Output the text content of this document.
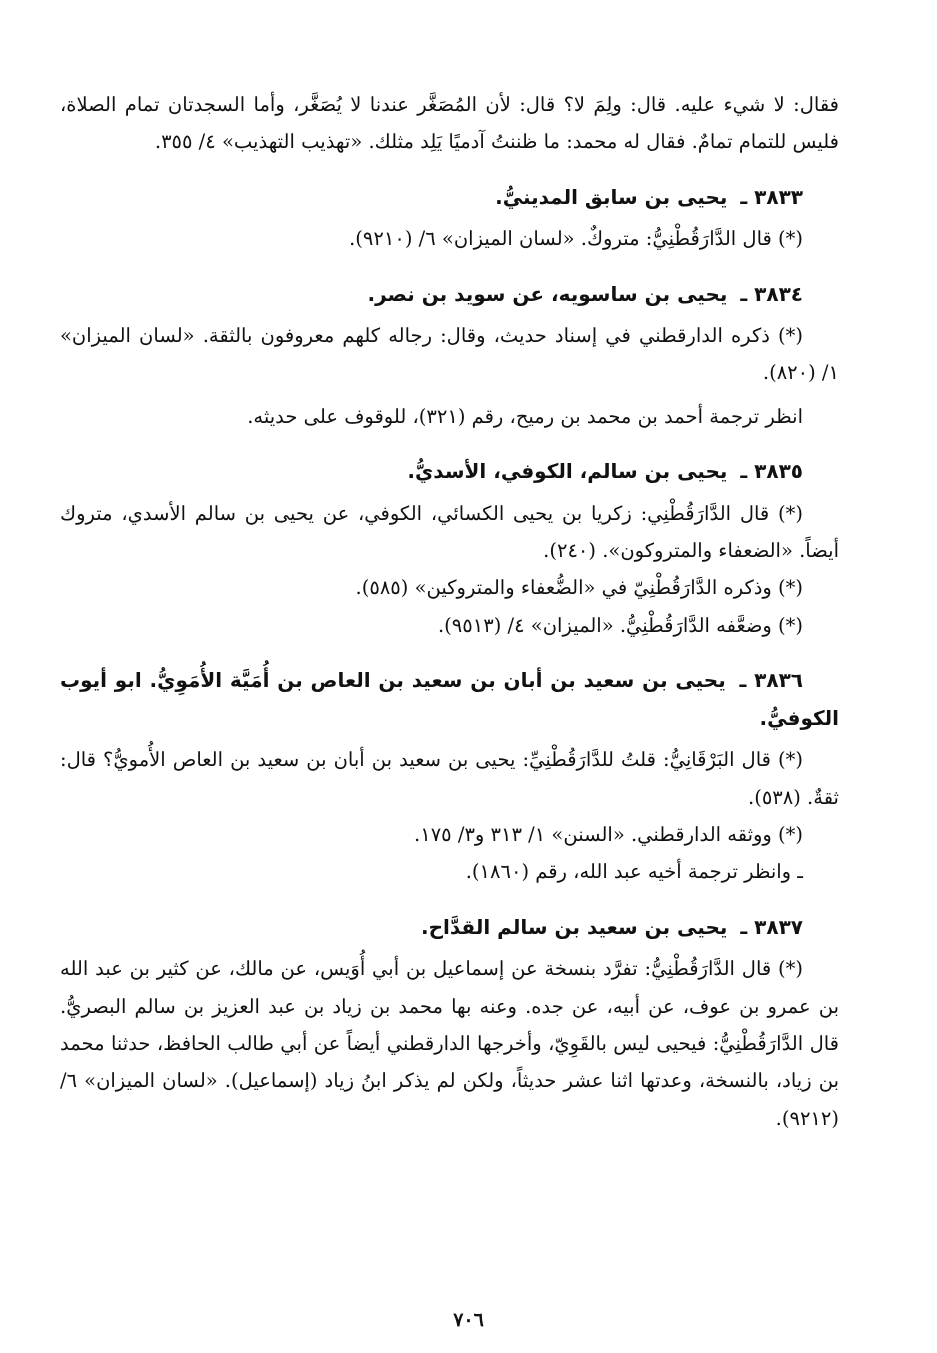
فقال: لا شيء عليه. قال: ولِمَ لا؟ قال: لأن المُصَغَّر عندنا لا يُصَغَّر، وأما السجدتان تمام الصلاة، فليس للتمام تمامٌ. فقال له محمد: ما ظننتُ آدميًا يَلِد مثلك. «تهذيب التهذيب» ٤/ ٣٥٥.

٣٨٣٣ ـ يحيى بن سابق المدينيُّ.

(*) قال الدَّارَقُطْنِيُّ: متروكٌ. «لسان الميزان» ٦/ (٩٢١٠).

٣٨٣٤ ـ يحيى بن ساسويه، عن سويد بن نصر.

(*) ذكره الدارقطني في إسناد حديث، وقال: رجاله كلهم معروفون بالثقة. «لسان الميزان» ١/ (٨٢٠).

انظر ترجمة أحمد بن محمد بن رميح، رقم (٣٢١)، للوقوف على حديثه.

٣٨٣٥ ـ يحيى بن سالم، الكوفي، الأسديُّ.

(*) قال الدَّارَقُطْنِي: زكريا بن يحيى الكسائي، الكوفي، عن يحيى بن سالم الأسدي، متروك أيضاً. «الضعفاء والمتروكون». (٢٤٠).

(*) وذكره الدَّارَقُطْنِيّ في «الضُّعفاء والمتروكين» (٥٨٥).

(*) وضعَّفه الدَّارَقُطْنِيُّ. «الميزان» ٤/ (٩٥١٣).

٣٨٣٦ ـ يحيى بن سعيد بن أبان بن سعيد بن العاص بن أُمَيَّة الأُمَوِيُّ. ابو أيوب الكوفيُّ.

(*) قال البَرْقَانِيُّ: قلتُ للدَّارَقُطْنِيِّ: يحيى بن سعيد بن أبان بن سعيد بن العاص الأُمويُّ؟ قال: ثقةٌ. (٥٣٨).

(*) ووثقه الدارقطني. «السنن» ١/ ٣١٣ و٣/ ١٧٥.

ـ وانظر ترجمة أخيه عبد الله، رقم (١٨٦٠).

٣٨٣٧ ـ يحيى بن سعيد بن سالم القدَّاح.

(*) قال الدَّارَقُطْنِيُّ: تفرَّد بنسخة عن إسماعيل بن أبي أُوَيس، عن مالك، عن كثير بن عبد الله بن عمرو بن عوف، عن أبيه، عن جده. وعنه بها محمد بن زياد بن عبد العزيز بن سالم البصريُّ. قال الدَّارَقُطْنِيُّ: فيحيى ليس بالقَوِيّ، وأخرجها الدارقطني أيضاً عن أبي طالب الحافظ، حدثنا محمد بن زياد، بالنسخة، وعدتها اثنا عشر حديثاً، ولكن لم يذكر ابنُ زياد (إسماعيل). «لسان الميزان» ٦/ (٩٢١٢).

٧٠٦
